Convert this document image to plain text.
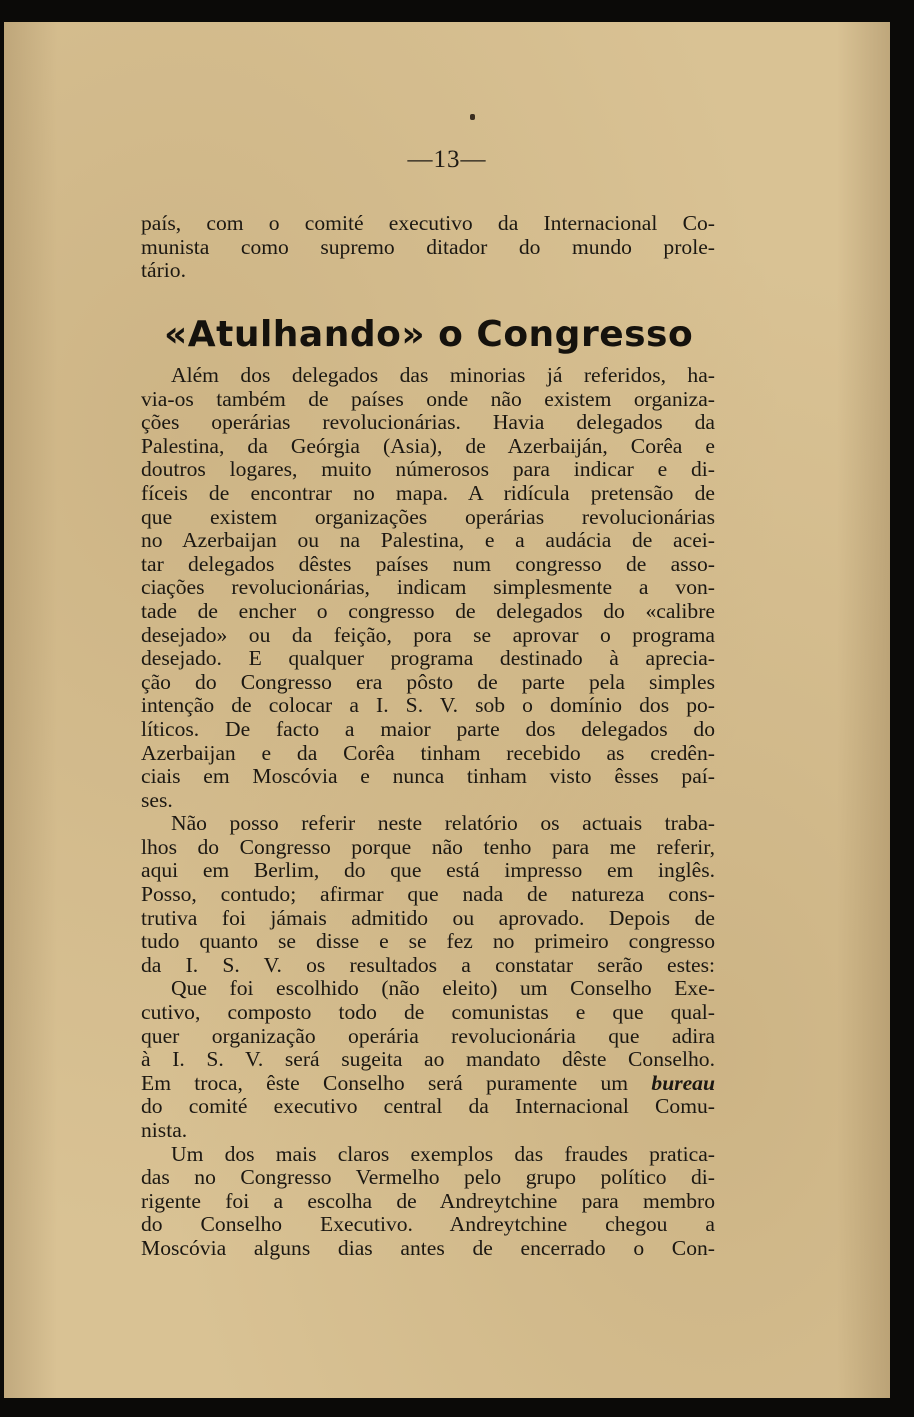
—13—
país, com o comité executivo da Internacional Co-
munista como supremo ditador do mundo prole-
tário.
«Atulhando» o Congresso
Além dos delegados das minorias já referidos, ha-
via-os também de países onde não existem organiza-
ções operárias revolucionárias. Havia delegados da
Palestina, da Geórgia (Asia), de Azerbaiján, Corêa e
doutros logares, muito númerosos para indicar e di-
fíceis de encontrar no mapa. A ridícula pretensão de
que existem organizações operárias revolucionárias
no Azerbaijan ou na Palestina, e a audácia de acei-
tar delegados dêstes países num congresso de asso-
ciações revolucionárias, indicam simplesmente a von-
tade de encher o congresso de delegados do «calibre
desejado» ou da feição, pora se aprovar o programa
desejado. E qualquer programa destinado à aprecia-
ção do Congresso era pôsto de parte pela simples
intenção de colocar a I. S. V. sob o domínio dos po-
líticos. De facto a maior parte dos delegados do
Azerbaijan e da Corêa tinham recebido as credên-
ciais em Moscóvia e nunca tinham visto êsses paí-
ses.
Não posso referir neste relatório os actuais traba-
lhos do Congresso porque não tenho para me referir,
aqui em Berlim, do que está impresso em inglês.
Posso, contudo; afirmar que nada de natureza cons-
trutiva foi jámais admitido ou aprovado. Depois de
tudo quanto se disse e se fez no primeiro congresso
da I. S. V. os resultados a constatar serão estes:
Que foi escolhido (não eleito) um Conselho Exe-
cutivo, composto todo de comunistas e que qual-
quer organização operária revolucionária que adira
à I. S. V. será sugeita ao mandato dêste Conselho.
Em troca, êste Conselho será puramente um bureau
do comité executivo central da Internacional Comu-
nista.
Um dos mais claros exemplos das fraudes pratica-
das no Congresso Vermelho pelo grupo político di-
rigente foi a escolha de Andreytchine para membro
do Conselho Executivo. Andreytchine chegou a
Moscóvia alguns dias antes de encerrado o Con-
